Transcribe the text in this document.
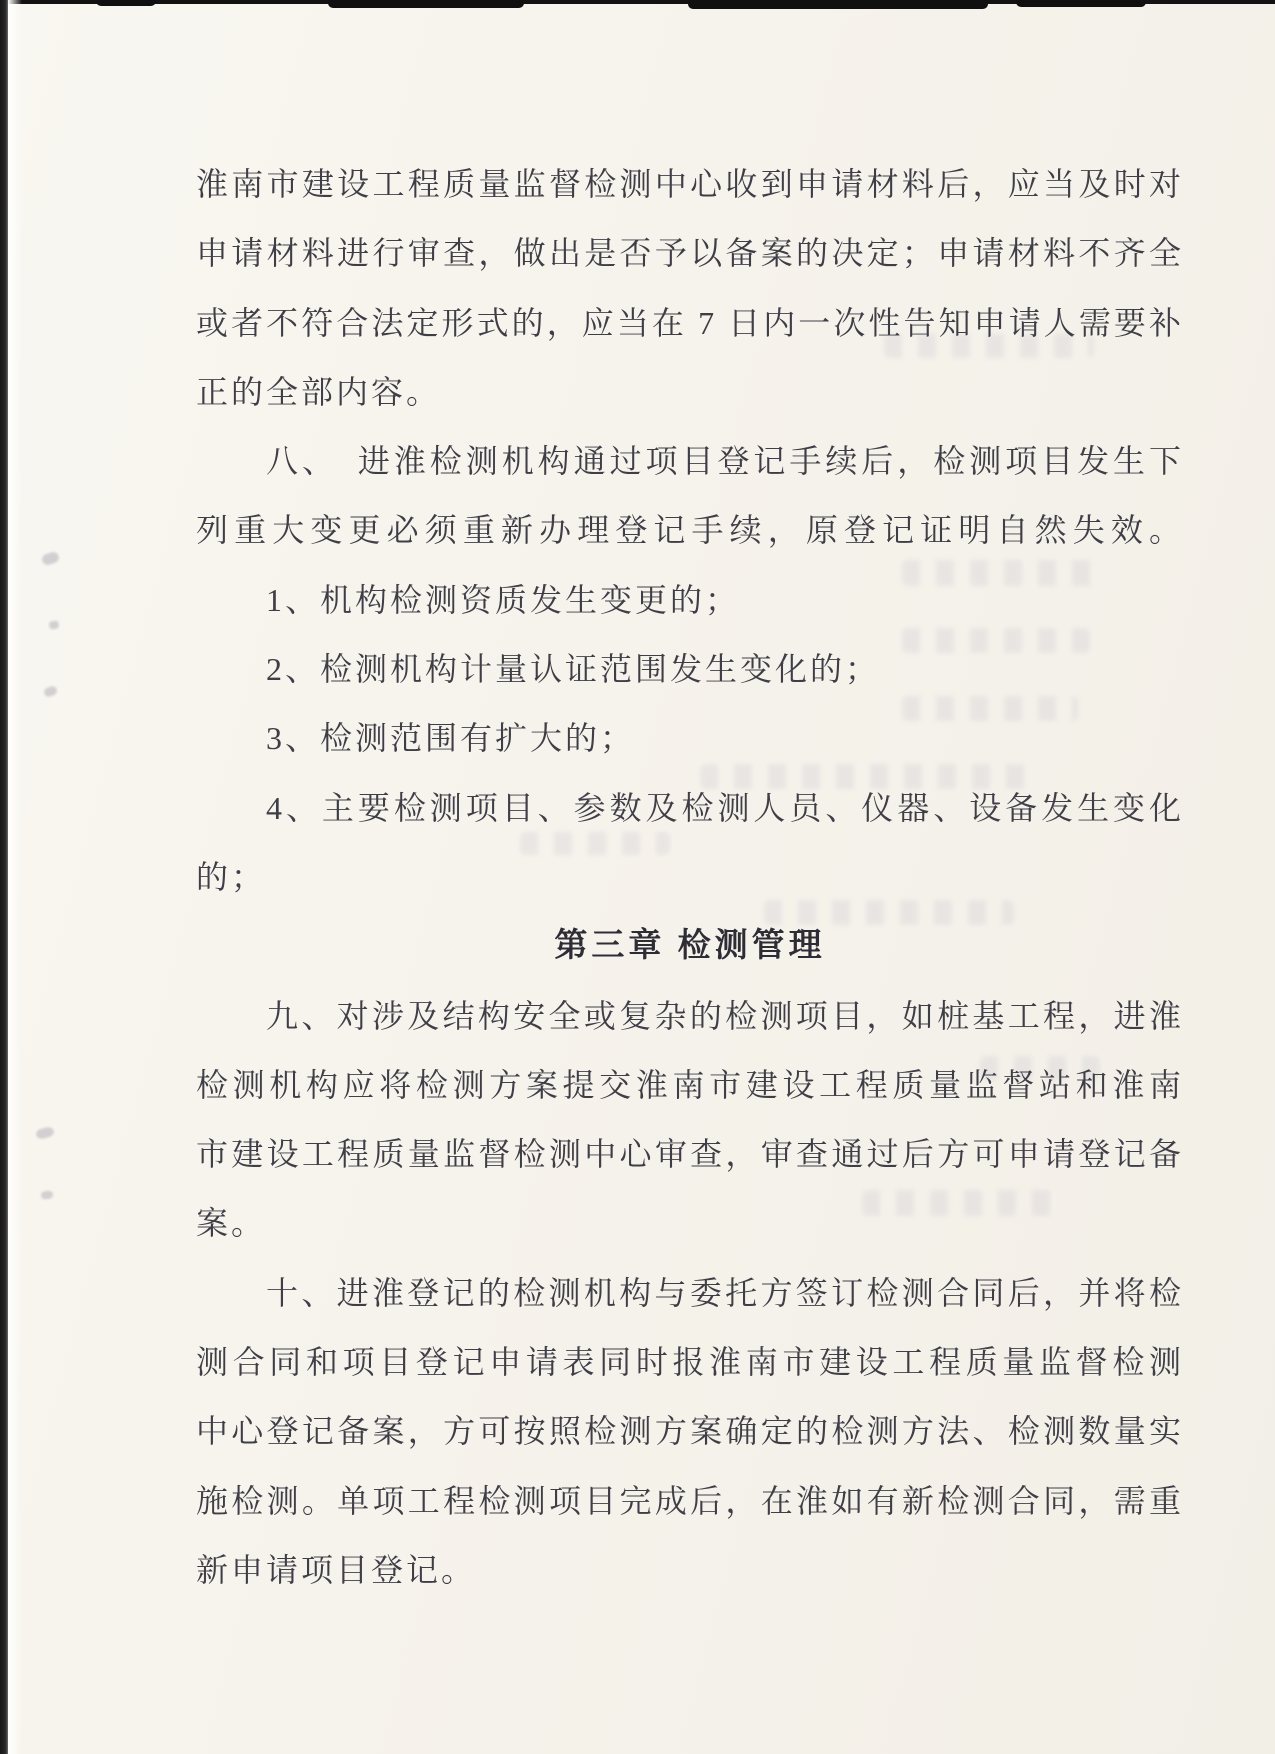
淮南市建设工程质量监督检测中心收到申请材料后，应当及时对
申请材料进行审查，做出是否予以备案的决定；申请材料不齐全
或者不符合法定形式的，应当在 7 日内一次性告知申请人需要补
正的全部内容。
八、　进淮检测机构通过项目登记手续后，检测项目发生下
列重大变更必须重新办理登记手续，原登记证明自然失效。
1、机构检测资质发生变更的；
2、检测机构计量认证范围发生变化的；
3、检测范围有扩大的；
4、主要检测项目、参数及检测人员、仪器、设备发生变化
的；
第三章 检测管理
九、对涉及结构安全或复杂的检测项目，如桩基工程，进淮
检测机构应将检测方案提交淮南市建设工程质量监督站和淮南
市建设工程质量监督检测中心审查，审查通过后方可申请登记备
案。
十、进淮登记的检测机构与委托方签订检测合同后，并将检
测合同和项目登记申请表同时报淮南市建设工程质量监督检测
中心登记备案，方可按照检测方案确定的检测方法、检测数量实
施检测。单项工程检测项目完成后，在淮如有新检测合同，需重
新申请项目登记。
